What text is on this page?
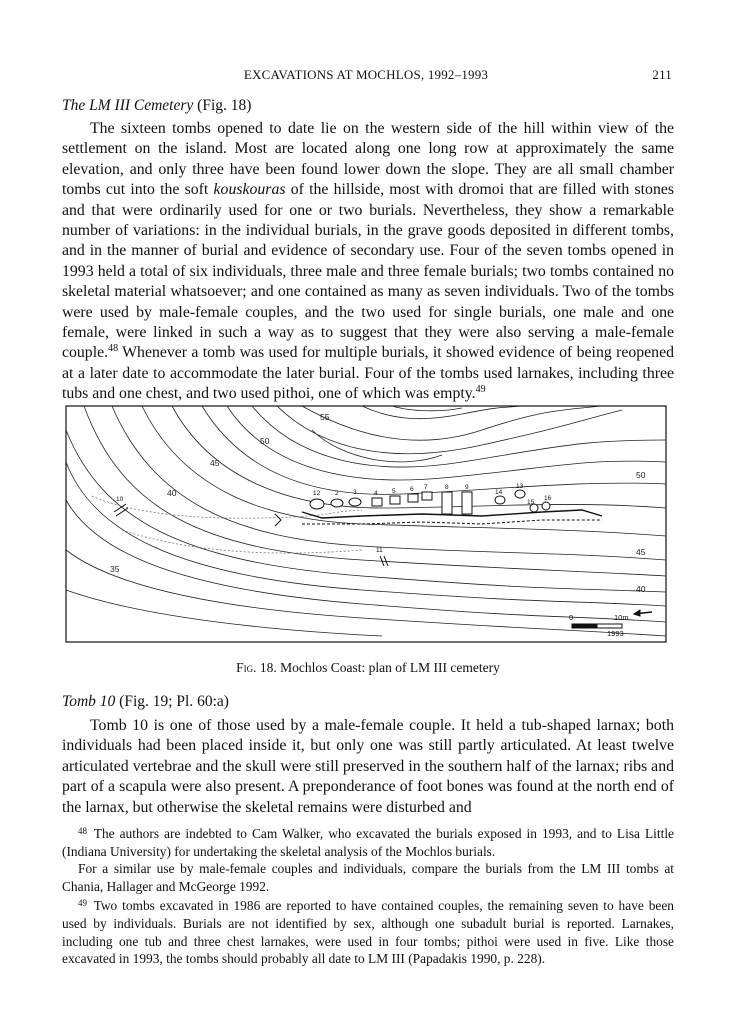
EXCAVATIONS AT MOCHLOS, 1992–1993	211
The LM III Cemetery (Fig. 18)

The sixteen tombs opened to date lie on the western side of the hill within view of the settlement on the island. Most are located along one long row at approximately the same elevation, and only three have been found lower down the slope. They are all small chamber tombs cut into the soft kouskouras of the hillside, most with dromoi that are filled with stones and that were ordinarily used for one or two burials. Nevertheless, they show a remarkable number of variations: in the individual burials, in the grave goods deposited in different tombs, and in the manner of burial and evidence of secondary use. Four of the seven tombs opened in 1993 held a total of six individuals, three male and three female burials; two tombs contained no skeletal material whatsoever; and one contained as many as seven individuals. Two of the tombs were used by male-female couples, and the two used for single burials, one male and one female, were linked in such a way as to suggest that they were also serving a male-female couple.$^{48}$ Whenever a tomb was used for multiple burials, it showed evidence of being reopened at a later date to accommodate the later burial. Four of the tombs used larnakes, including three tubs and one chest, and two used pithoi, one of which was empty.$^{49}$

55
50
45
40
50
45
40
35
10
12 2 3	4 5 6 7	8	9
14
13
15
16
11
0	10m
1993
Fig. 18. Mochlos Coast: plan of LM III cemetery
Tomb 10 (Fig. 19; Pl. 60:a)

Tomb 10 is one of those used by a male-female couple. It held a tub-shaped larnax; both individuals had been placed inside it, but only one was still partly articulated. At least twelve articulated vertebrae and the skull were still preserved in the southern half of the larnax; ribs and part of a scapula were also present. A preponderance of foot bones was found at the north end of the larnax, but otherwise the skeletal remains were disturbed and

$^{48}$ The authors are indebted to Cam Walker, who excavated the burials exposed in 1993, and to Lisa Little (Indiana University) for undertaking the skeletal analysis of the Mochlos burials.

For a similar use by male-female couples and individuals, compare the burials from the LM III tombs at Chania, Hallager and McGeorge 1992.

$^{49}$ Two tombs excavated in 1986 are reported to have contained couples, the remaining seven to have been used by individuals. Burials are not identified by sex, although one subadult burial is reported. Larnakes, including one tub and three chest larnakes, were used in four tombs; pithoi were used in five. Like those excavated in 1993, the tombs should probably all date to LM III (Papadakis 1990, p. 228).
